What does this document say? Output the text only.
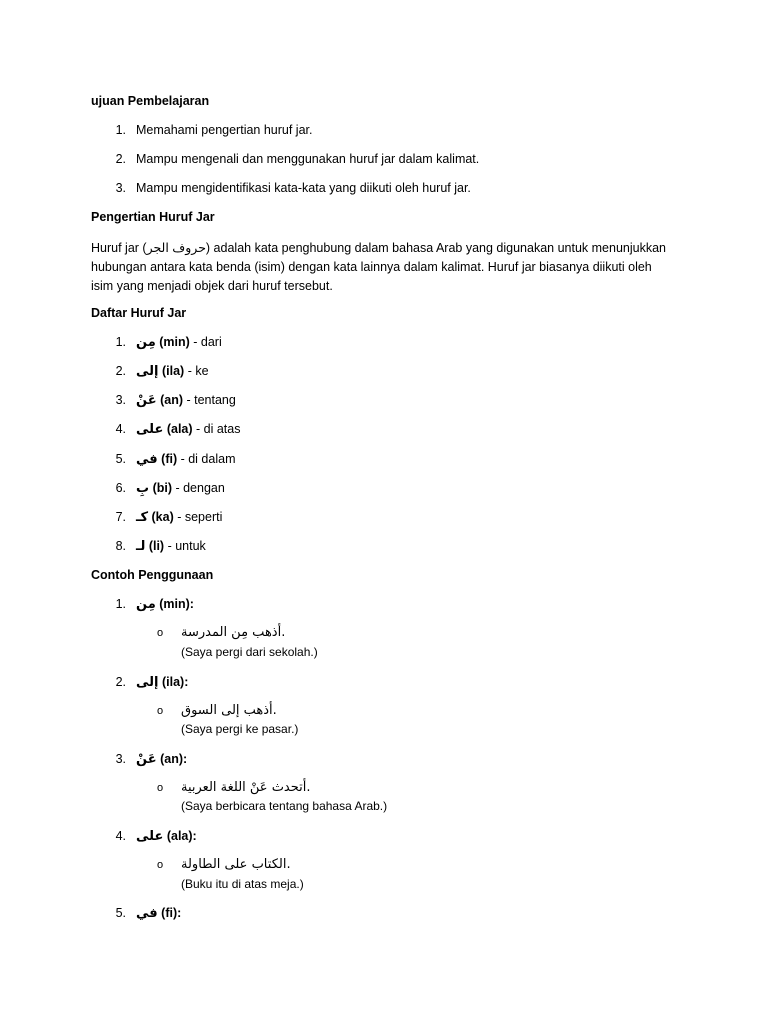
ujuan Pembelajaran
1. Memahami pengertian huruf jar.
2. Mampu mengenali dan menggunakan huruf jar dalam kalimat.
3. Mampu mengidentifikasi kata-kata yang diikuti oleh huruf jar.
Pengertian Huruf Jar
Huruf jar (حروف الجر) adalah kata penghubung dalam bahasa Arab yang digunakan untuk menunjukkan
hubungan antara kata benda (isim) dengan kata lainnya dalam kalimat. Huruf jar biasanya diikuti oleh
isim yang menjadi objek dari huruf tersebut.
Daftar Huruf Jar
1. مِن (min) - dari
2. إلى (ila) - ke
3. عَنْ (an) - tentang
4. على (ala) - di atas
5. في (fi) - di dalam
6. بِ (bi) - dengan
7. كـ (ka) - seperti
8. لـ (li) - untuk
Contoh Penggunaan
1. مِن (min):
o أذهب مِن المدرسة.
(Saya pergi dari sekolah.)
2. إلى (ila):
o أذهب إلى السوق.
(Saya pergi ke pasar.)
3. عَنْ (an):
o أتحدث عَنْ اللغة العربية.
(Saya berbicara tentang bahasa Arab.)
4. على (ala):
o الكتاب على الطاولة.
(Buku itu di atas meja.)
5. في (fi):
